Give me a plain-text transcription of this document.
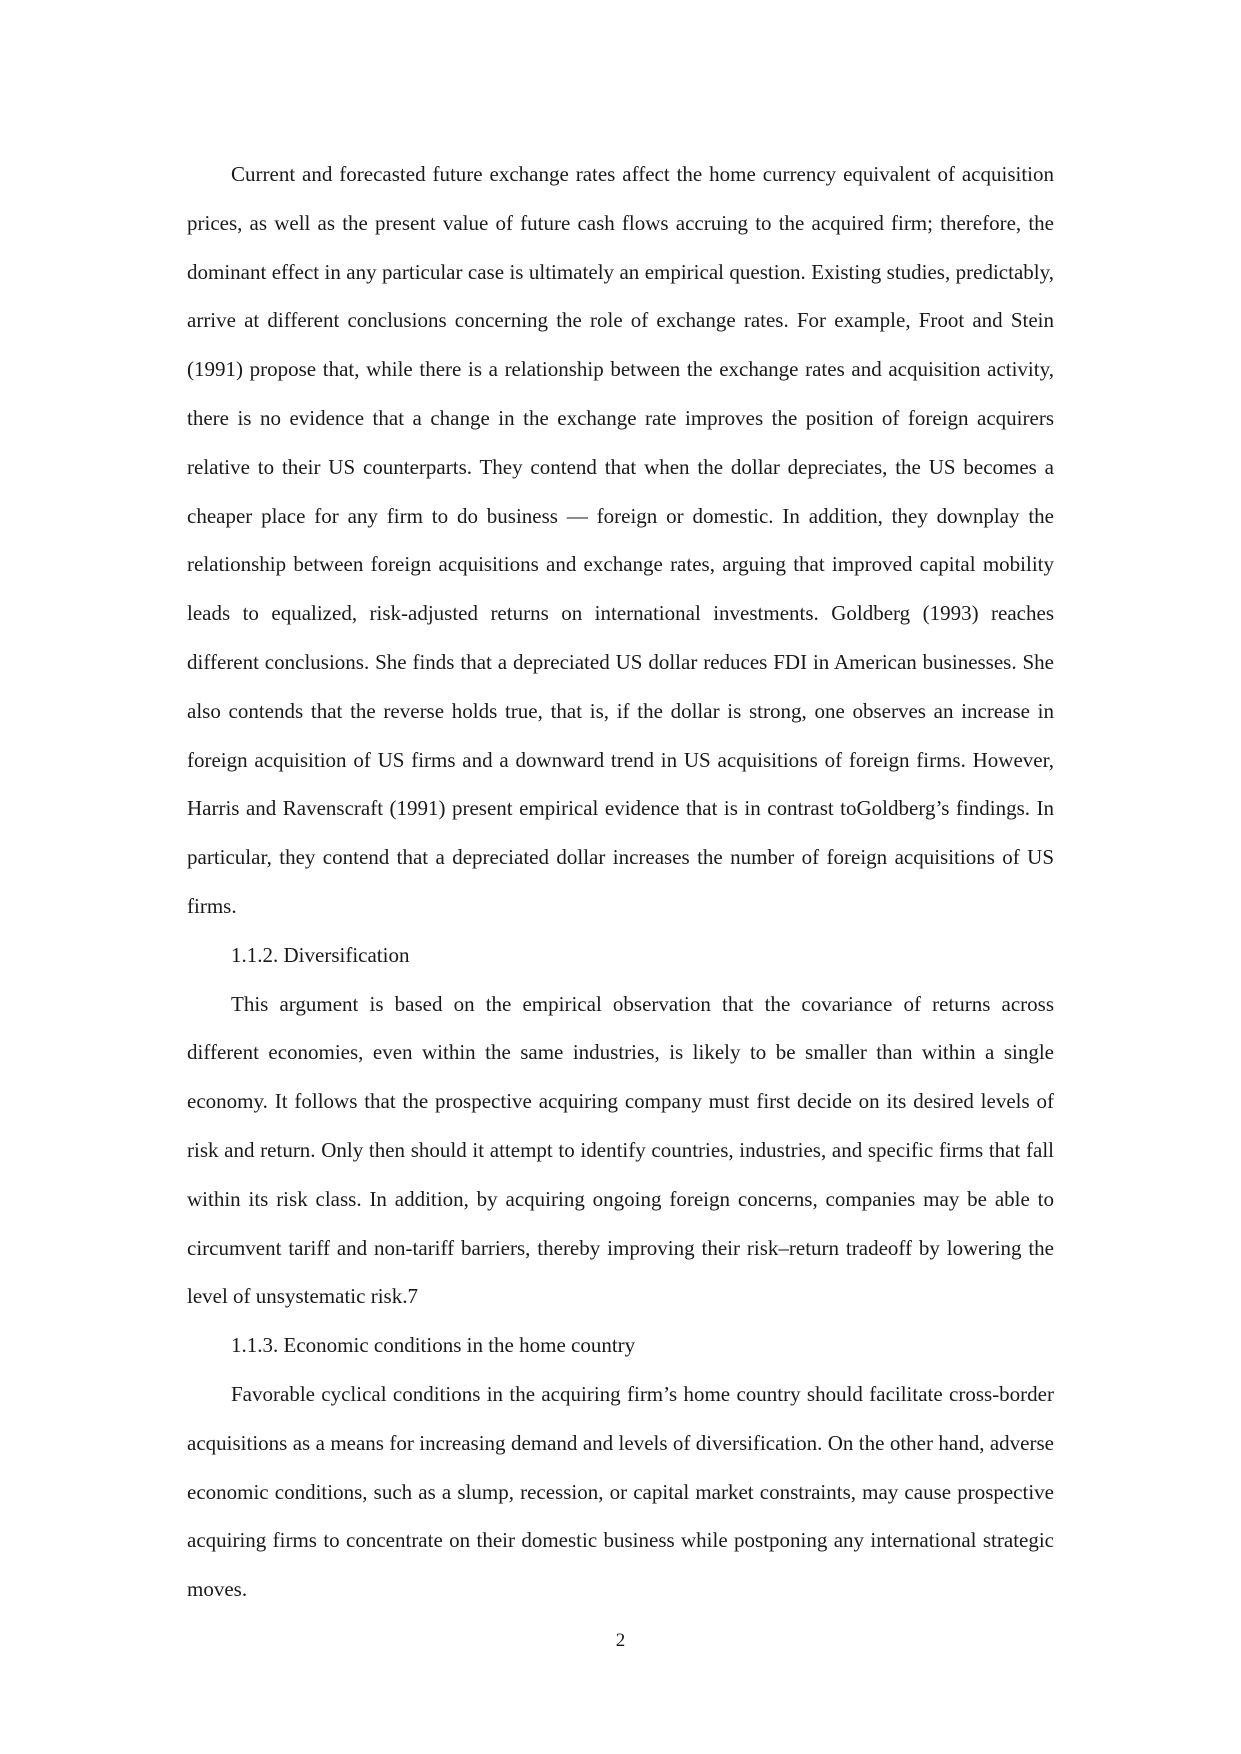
Current and forecasted future exchange rates affect the home currency equivalent of acquisition prices, as well as the present value of future cash flows accruing to the acquired firm; therefore, the dominant effect in any particular case is ultimately an empirical question. Existing studies, predictably, arrive at different conclusions concerning the role of exchange rates. For example, Froot and Stein (1991) propose that, while there is a relationship between the exchange rates and acquisition activity, there is no evidence that a change in the exchange rate improves the position of foreign acquirers relative to their US counterparts. They contend that when the dollar depreciates, the US becomes a cheaper place for any firm to do business — foreign or domestic. In addition, they downplay the relationship between foreign acquisitions and exchange rates, arguing that improved capital mobility leads to equalized, risk-adjusted returns on international investments. Goldberg (1993) reaches different conclusions. She finds that a depreciated US dollar reduces FDI in American businesses. She also contends that the reverse holds true, that is, if the dollar is strong, one observes an increase in foreign acquisition of US firms and a downward trend in US acquisitions of foreign firms. However, Harris and Ravenscraft (1991) present empirical evidence that is in contrast toGoldberg’s findings. In particular, they contend that a depreciated dollar increases the number of foreign acquisitions of US firms.

1.1.2. Diversification

This argument is based on the empirical observation that the covariance of returns across different economies, even within the same industries, is likely to be smaller than within a single economy. It follows that the prospective acquiring company must first decide on its desired levels of risk and return. Only then should it attempt to identify countries, industries, and specific firms that fall within its risk class. In addition, by acquiring ongoing foreign concerns, companies may be able to circumvent tariff and non-tariff barriers, thereby improving their risk–return tradeoff by lowering the level of unsystematic risk.7

1.1.3. Economic conditions in the home country

Favorable cyclical conditions in the acquiring firm’s home country should facilitate cross-border acquisitions as a means for increasing demand and levels of diversification. On the other hand, adverse economic conditions, such as a slump, recession, or capital market constraints, may cause prospective acquiring firms to concentrate on their domestic business while postponing any international strategic moves.

2
